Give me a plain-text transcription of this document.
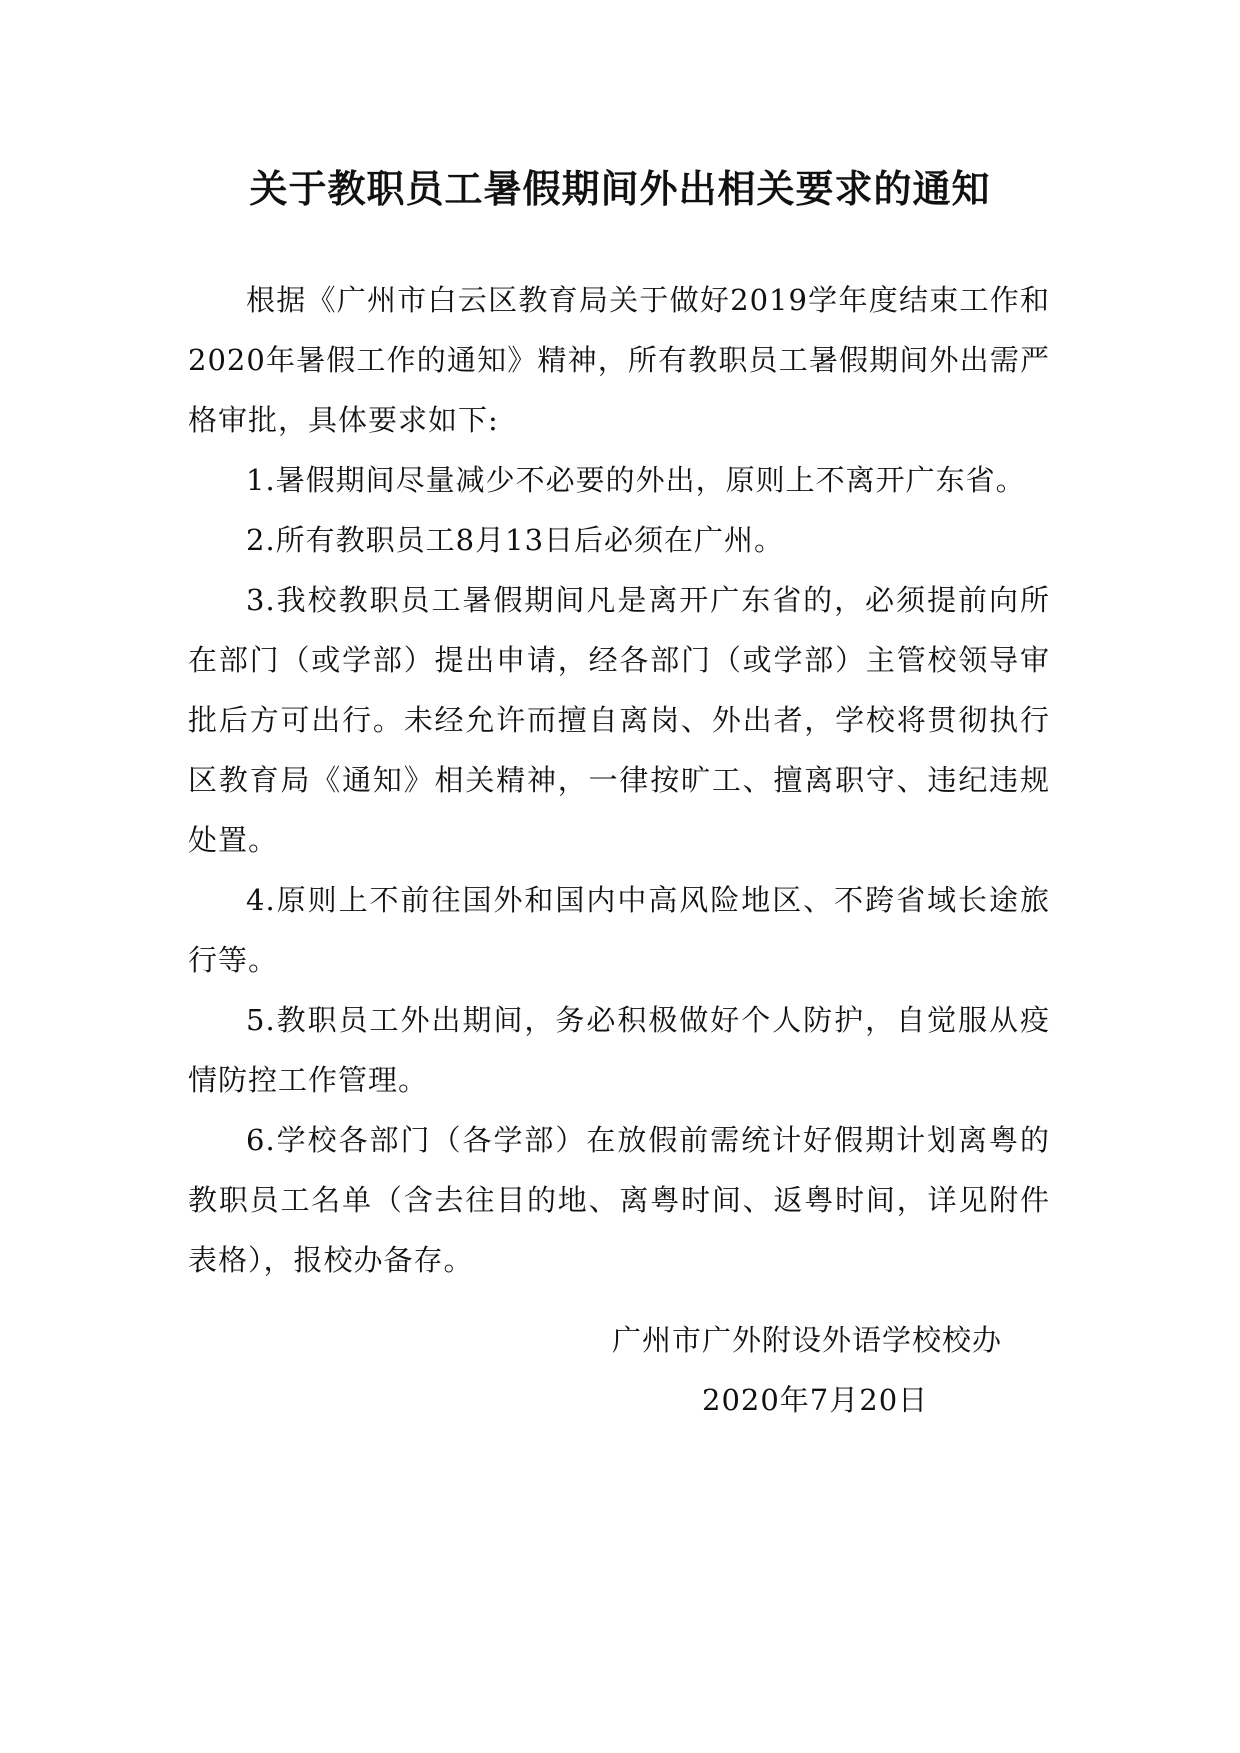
关于教职员工暑假期间外出相关要求的通知

根据《广州市白云区教育局关于做好2019学年度结束工作和2020年暑假工作的通知》精神，所有教职员工暑假期间外出需严格审批，具体要求如下:

1.暑假期间尽量减少不必要的外出，原则上不离开广东省。

2.所有教职员工8月13日后必须在广州。

3.我校教职员工暑假期间凡是离开广东省的，必须提前向所在部门（或学部）提出申请，经各部门（或学部）主管校领导审批后方可出行。未经允许而擅自离岗、外出者，学校将贯彻执行区教育局《通知》相关精神，一律按旷工、擅离职守、违纪违规处置。

4.原则上不前往国外和国内中高风险地区、不跨省域长途旅行等。

5.教职员工外出期间，务必积极做好个人防护，自觉服从疫情防控工作管理。

6.学校各部门（各学部）在放假前需统计好假期计划离粤的教职员工名单（含去往目的地、离粤时间、返粤时间，详见附件表格），报校办备存。

广州市广外附设外语学校校办
2020年7月20日
